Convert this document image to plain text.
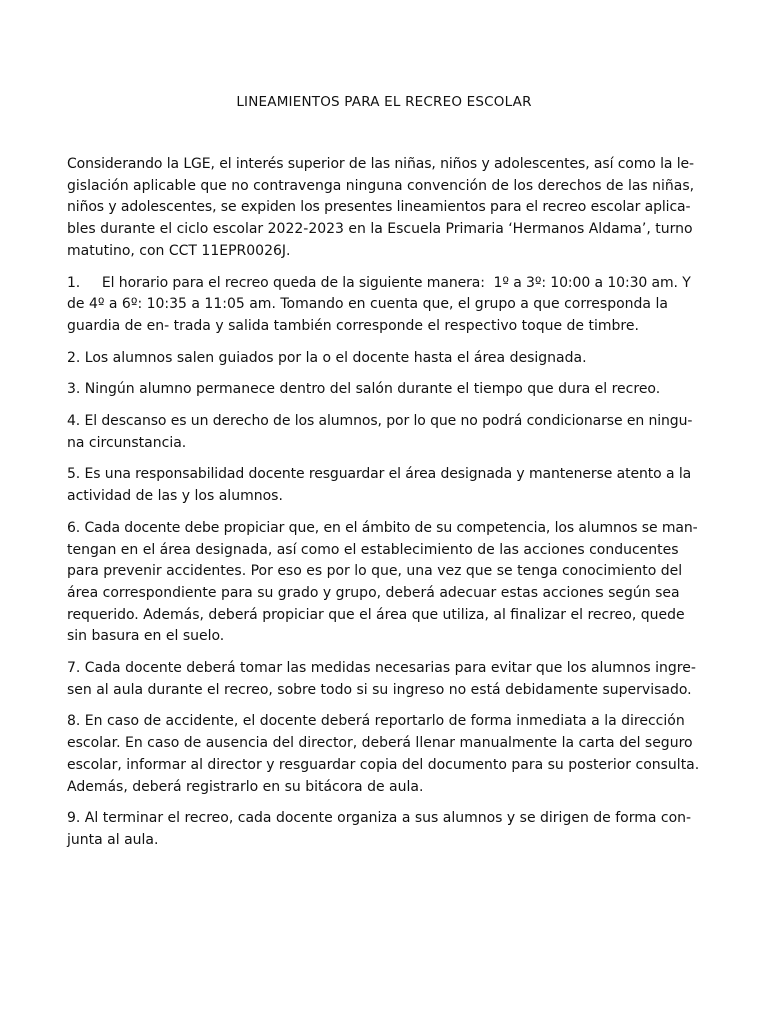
LINEAMIENTOS PARA EL RECREO ESCOLAR

Considerando la LGE, el interés superior de las niñas, niños y adolescentes, así como la le-
gislación aplicable que no contravenga ninguna convención de los derechos de las niñas,
niños y adolescentes, se expiden los presentes lineamientos para el recreo escolar aplica-
bles durante el ciclo escolar 2022-2023 en la Escuela Primaria ‘Hermanos Aldama’, turno
matutino, con CCT 11EPR0026J.

1.     El horario para el recreo queda de la siguiente manera:  1º a 3º: 10:00 a 10:30 am. Y
de 4º a 6º: 10:35 a 11:05 am. Tomando en cuenta que, el grupo a que corresponda la
guardia de en- trada y salida también corresponde el respectivo toque de timbre.

2. Los alumnos salen guiados por la o el docente hasta el área designada.

3. Ningún alumno permanece dentro del salón durante el tiempo que dura el recreo.

4. El descanso es un derecho de los alumnos, por lo que no podrá condicionarse en ningu-
na circunstancia.

5. Es una responsabilidad docente resguardar el área designada y mantenerse atento a la
actividad de las y los alumnos.

6. Cada docente debe propiciar que, en el ámbito de su competencia, los alumnos se man-
tengan en el área designada, así como el establecimiento de las acciones conducentes
para prevenir accidentes. Por eso es por lo que, una vez que se tenga conocimiento del
área correspondiente para su grado y grupo, deberá adecuar estas acciones según sea
requerido. Además, deberá propiciar que el área que utiliza, al finalizar el recreo, quede
sin basura en el suelo.

7. Cada docente deberá tomar las medidas necesarias para evitar que los alumnos ingre-
sen al aula durante el recreo, sobre todo si su ingreso no está debidamente supervisado.

8. En caso de accidente, el docente deberá reportarlo de forma inmediata a la dirección
escolar. En caso de ausencia del director, deberá llenar manualmente la carta del seguro
escolar, informar al director y resguardar copia del documento para su posterior consulta.
Además, deberá registrarlo en su bitácora de aula.

9. Al terminar el recreo, cada docente organiza a sus alumnos y se dirigen de forma con-
junta al aula.
